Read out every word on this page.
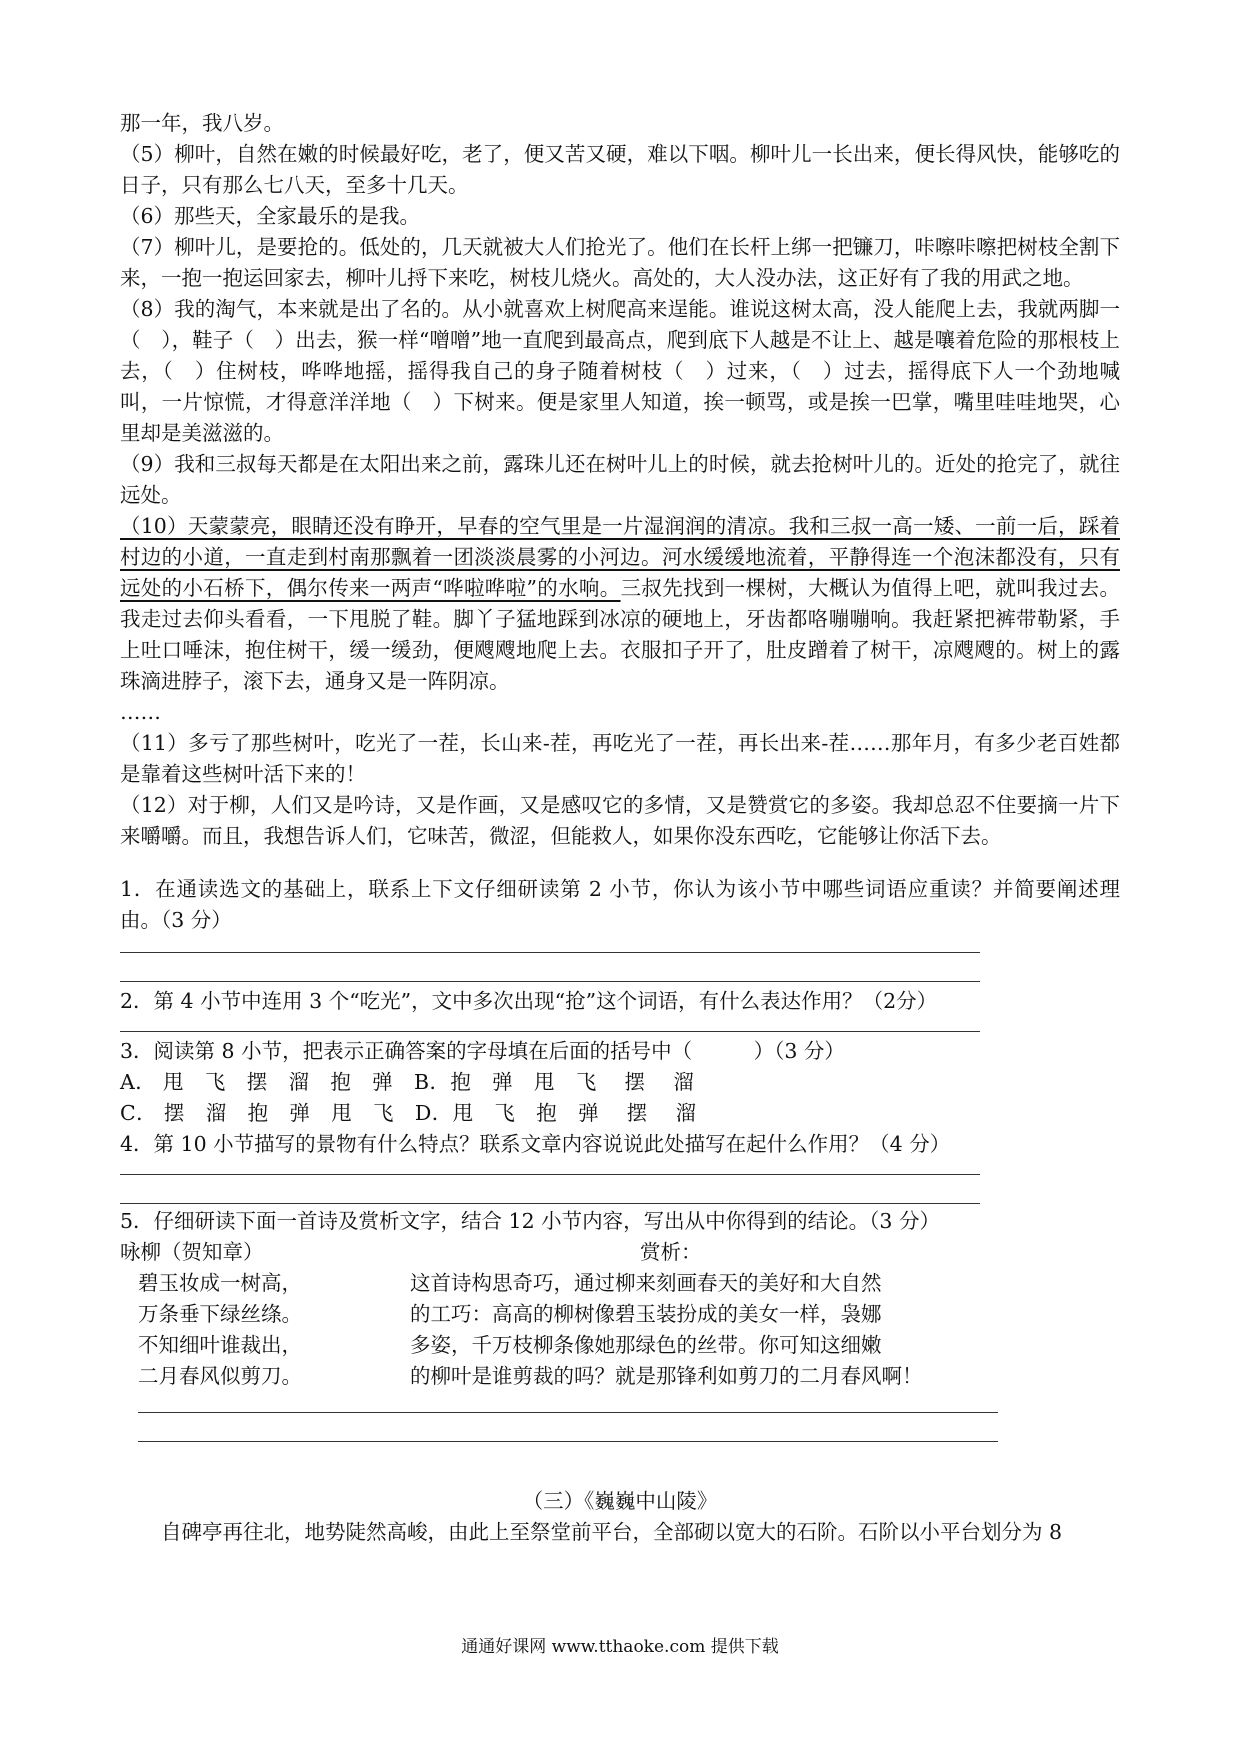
那一年，我八岁。

（5）柳叶，自然在嫩的时候最好吃，老了，便又苦又硬，难以下咽。柳叶儿一长出来，便长得风快，能够吃的日子，只有那么七八天，至多十几天。

（6）那些天，全家最乐的是我。

（7）柳叶儿，是要抢的。低处的，几天就被大人们抢光了。他们在长杆上绑一把镰刀，咔嚓咔嚓把树枝全割下来，一抱一抱运回家去，柳叶儿捋下来吃，树枝儿烧火。高处的，大人没办法，这正好有了我的用武之地。

（8）我的淘气，本来就是出了名的。从小就喜欢上树爬高来逞能。谁说这树太高，没人能爬上去，我就两脚一（　），鞋子（　）出去，猴一样“噌噌”地一直爬到最高点，爬到底下人越是不让上、越是嚷着危险的那根枝上去，（　）住树枝，哗哗地摇，摇得我自己的身子随着树枝（　）过来，（　）过去，摇得底下人一个劲地喊叫，一片惊慌，才得意洋洋地（　）下树来。便是家里人知道，挨一顿骂，或是挨一巴掌，嘴里哇哇地哭，心里却是美滋滋的。

（9）我和三叔每天都是在太阳出来之前，露珠儿还在树叶儿上的时候，就去抢树叶儿的。近处的抢完了，就往远处。

（10）天蒙蒙亮，眼睛还没有睁开，早春的空气里是一片湿润润的清凉。我和三叔一高一矮、一前一后，踩着村边的小道，一直走到村南那飘着一团淡淡晨雾的小河边。河水缓缓地流着，平静得连一个泡沫都没有，只有远处的小石桥下，偶尔传来一两声“哗啦哗啦”的水响。三叔先找到一棵树，大概认为值得上吧，就叫我过去。我走过去仰头看看，一下甩脱了鞋。脚丫子猛地踩到冰凉的硬地上，牙齿都咯嘣嘣响。我赶紧把裤带勒紧，手上吐口唾沫，抱住树干，缓一缓劲，便飕飕地爬上去。衣服扣子开了，肚皮蹭着了树干，凉飕飕的。树上的露珠滴进脖子，滚下去，通身又是一阵阴凉。

……

（11）多亏了那些树叶，吃光了一茬，长山来-茬，再吃光了一茬，再长出来-茬……那年月，有多少老百姓都是靠着这些树叶活下来的！

（12）对于柳，人们又是吟诗，又是作画，又是感叹它的多情，又是赞赏它的多姿。我却总忍不住要摘一片下来嚼嚼。而且，我想告诉人们，它味苦，微涩，但能救人，如果你没东西吃，它能够让你活下去。

1．在通读选文的基础上，联系上下文仔细研读第 2 小节，你认为该小节中哪些词语应重读？并简要阐述理由。（3 分）

2．第 4 小节中连用 3 个“吃光”，文中多次出现“抢”这个词语，有什么表达作用？（2分）

3．阅读第 8 小节，把表示正确答案的字母填在后面的括号中（　　　）（3 分）

A． 甩　飞　摆　溜　抱　弹　B．抱　弹　甩　飞　 摆　 溜

C． 摆　溜　抱　弹　甩　飞　D．甩　飞　抱　弹　 摆　 溜

4．第 10 小节描写的景物有什么特点？联系文章内容说说此处描写在起什么作用？（4 分）

5．仔细研读下面一首诗及赏析文字，结合 12 小节内容，写出从中你得到的结论。（3 分）

咏柳（贺知章）
碧玉妆成一树高，
万条垂下绿丝绦。
不知细叶谁裁出，
二月春风似剪刀。
赏析：
这首诗构思奇巧，通过柳来刻画春天的美好和大自然
的工巧：高高的柳树像碧玉装扮成的美女一样，袅娜
多姿，千万枝柳条像她那绿色的丝带。你可知这细嫩
的柳叶是谁剪裁的吗？就是那锋利如剪刀的二月春风啊！

（三）《巍巍中山陵》

自碑亭再往北，地势陡然高峻，由此上至祭堂前平台，全部砌以宽大的石阶。石阶以小平台划分为 8

通通好课网 www.tthaoke.com 提供下载
